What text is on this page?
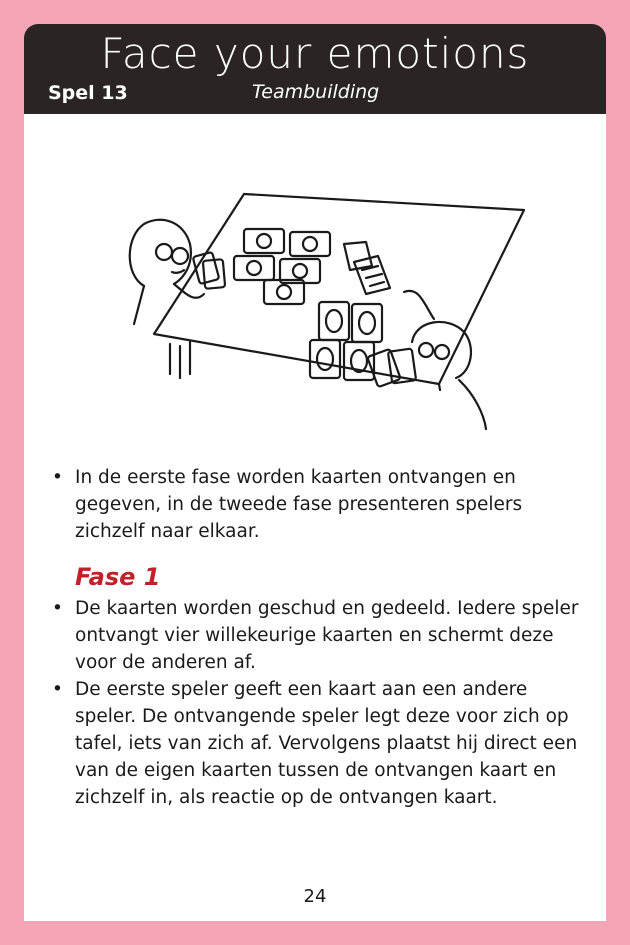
Face your emotions
Spel 13	Teambuilding
• In de eerste fase worden kaarten ontvangen en gegeven, in de tweede fase presenteren spelers zichzelf naar elkaar.
Fase 1
• De kaarten worden geschud en gedeeld. Iedere speler ontvangt vier willekeurige kaarten en schermt deze voor de anderen af.
• De eerste speler geeft een kaart aan een andere speler. De ontvangende speler legt deze voor zich op tafel, iets van zich af. Vervolgens plaatst hij direct een van de eigen kaarten tussen de ontvangen kaart en zichzelf in, als reactie op de ontvangen kaart.
24
